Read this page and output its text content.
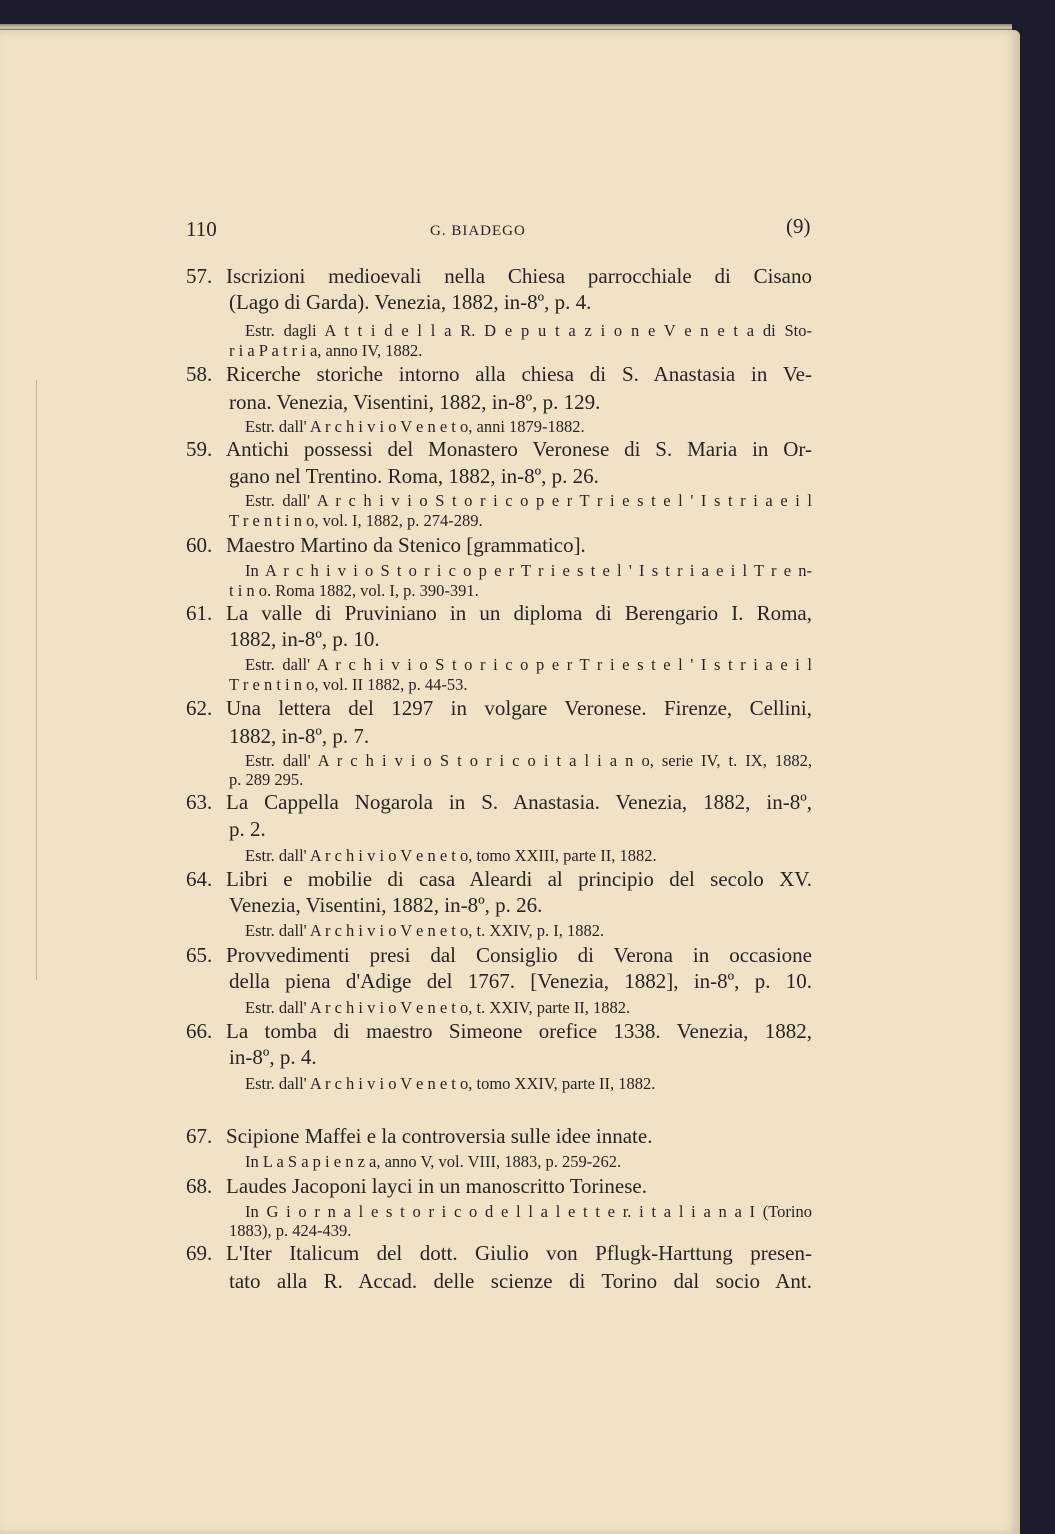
110	G. BIADEGO	(9)
57. Iscrizioni medioevali nella Chiesa parrocchiale di Cisano
(Lago di Garda). Venezia, 1882, in-8º, p. 4.
Estr. dagli A t t i d e l l a R. D e p u t a z i o n e V e n e t a di Sto-
r i a P a t r i a, anno IV, 1882.
58. Ricerche storiche intorno alla chiesa di S. Anastasia in Ve-
rona. Venezia, Visentini, 1882, in-8º, p. 129.
Estr. dall' A r c h i v i o V e n e t o, anni 1879-1882.
59. Antichi possessi del Monastero Veronese di S. Maria in Or-
gano nel Trentino. Roma, 1882, in-8º, p. 26.
Estr. dall' A r c h i v i o S t o r i c o p e r T r i e s t e l ' I s t r i a e i l
T r e n t i n o, vol. I, 1882, p. 274-289.
60. Maestro Martino da Stenico [grammatico].
In A r c h i v i o S t o r i c o p e r T r i e s t e l ' I s t r i a e i l T r e n-
t i n o. Roma 1882, vol. I, p. 390-391.
61. La valle di Pruviniano in un diploma di Berengario I. Roma,
1882, in-8º, p. 10.
Estr. dall' A r c h i v i o S t o r i c o p e r T r i e s t e l ' I s t r i a e i l
T r e n t i n o, vol. II 1882, p. 44-53.
62. Una lettera del 1297 in volgare Veronese. Firenze, Cellini,
1882, in-8º, p. 7.
Estr. dall' A r c h i v i o S t o r i c o i t a l i a n o, serie IV, t. IX, 1882,
p. 289 295.
63. La Cappella Nogarola in S. Anastasia. Venezia, 1882, in-8º,
p. 2.
Estr. dall' A r c h i v i o V e n e t o, tomo XXIII, parte II, 1882.
64. Libri e mobilie di casa Aleardi al principio del secolo XV.
Venezia, Visentini, 1882, in-8º, p. 26.
Estr. dall' A r c h i v i o V e n e t o, t. XXIV, p. I, 1882.
65. Provvedimenti presi dal Consiglio di Verona in occasione
della piena d'Adige del 1767. [Venezia, 1882], in-8º, p. 10.
Estr. dall' A r c h i v i o V e n e t o, t. XXIV, parte II, 1882.
66. La tomba di maestro Simeone orefice 1338. Venezia, 1882,
in-8º, p. 4.
Estr. dall' A r c h i v i o V e n e t o, tomo XXIV, parte II, 1882.
67. Scipione Maffei e la controversia sulle idee innate.
In L a S a p i e n z a, anno V, vol. VIII, 1883, p. 259-262.
68. Laudes Jacoponi layci in un manoscritto Torinese.
In G i o r n a l e s t o r i c o d e l l a l e t t e r. i t a l i a n a I (Torino
1883), p. 424-439.
69. L'Iter Italicum del dott. Giulio von Pflugk-Harttung presen-
tato alla R. Accad. delle scienze di Torino dal socio Ant.
